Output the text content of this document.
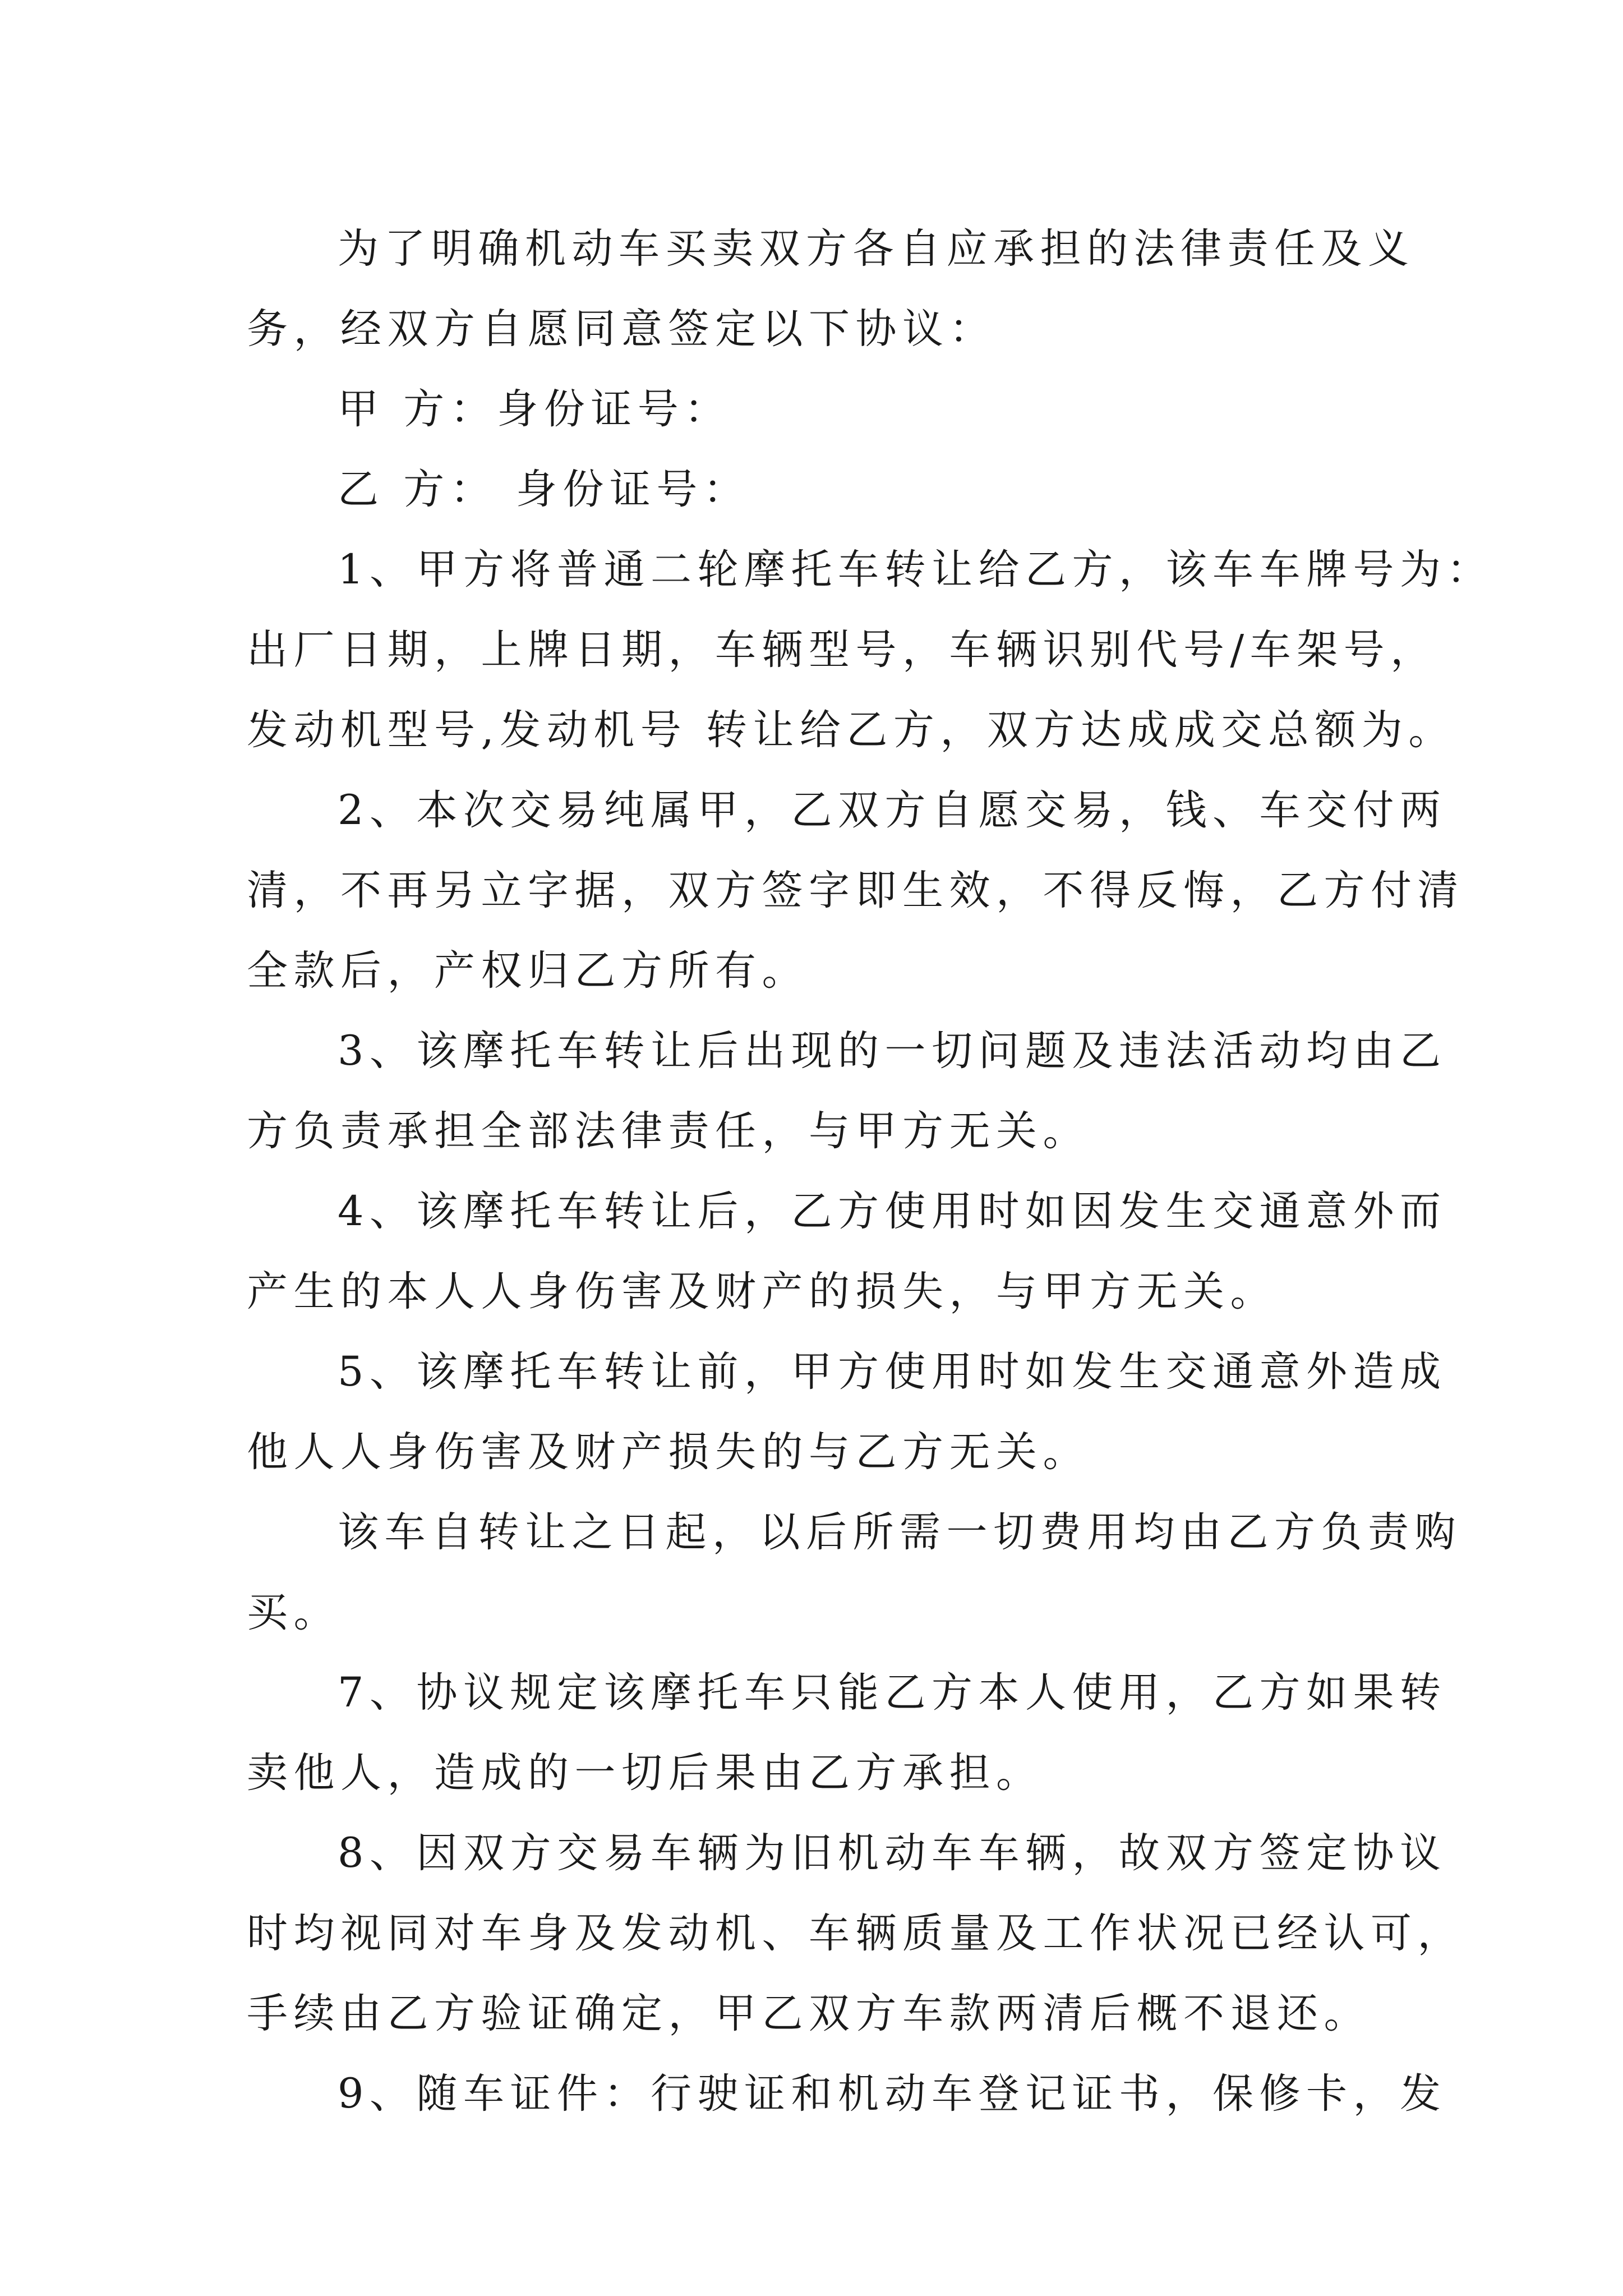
为了明确机动车买卖双方各自应承担的法律责任及义
务，经双方自愿同意签定以下协议：
甲 方：身份证号：
乙 方： 身份证号：
1、甲方将普通二轮摩托车转让给乙方，该车车牌号为：
出厂日期，上牌日期，车辆型号，车辆识别代号/车架号，
发动机型号,发动机号 转让给乙方，双方达成成交总额为。
2、本次交易纯属甲，乙双方自愿交易，钱、车交付两
清，不再另立字据，双方签字即生效，不得反悔，乙方付清
全款后，产权归乙方所有。
3、该摩托车转让后出现的一切问题及违法活动均由乙
方负责承担全部法律责任，与甲方无关。
4、该摩托车转让后，乙方使用时如因发生交通意外而
产生的本人人身伤害及财产的损失，与甲方无关。
5、该摩托车转让前，甲方使用时如发生交通意外造成
他人人身伤害及财产损失的与乙方无关。
该车自转让之日起，以后所需一切费用均由乙方负责购
买。
7、协议规定该摩托车只能乙方本人使用，乙方如果转
卖他人，造成的一切后果由乙方承担。
8、因双方交易车辆为旧机动车车辆，故双方签定协议
时均视同对车身及发动机、车辆质量及工作状况已经认可，
手续由乙方验证确定，甲乙双方车款两清后概不退还。
9、随车证件：行驶证和机动车登记证书，保修卡，发
